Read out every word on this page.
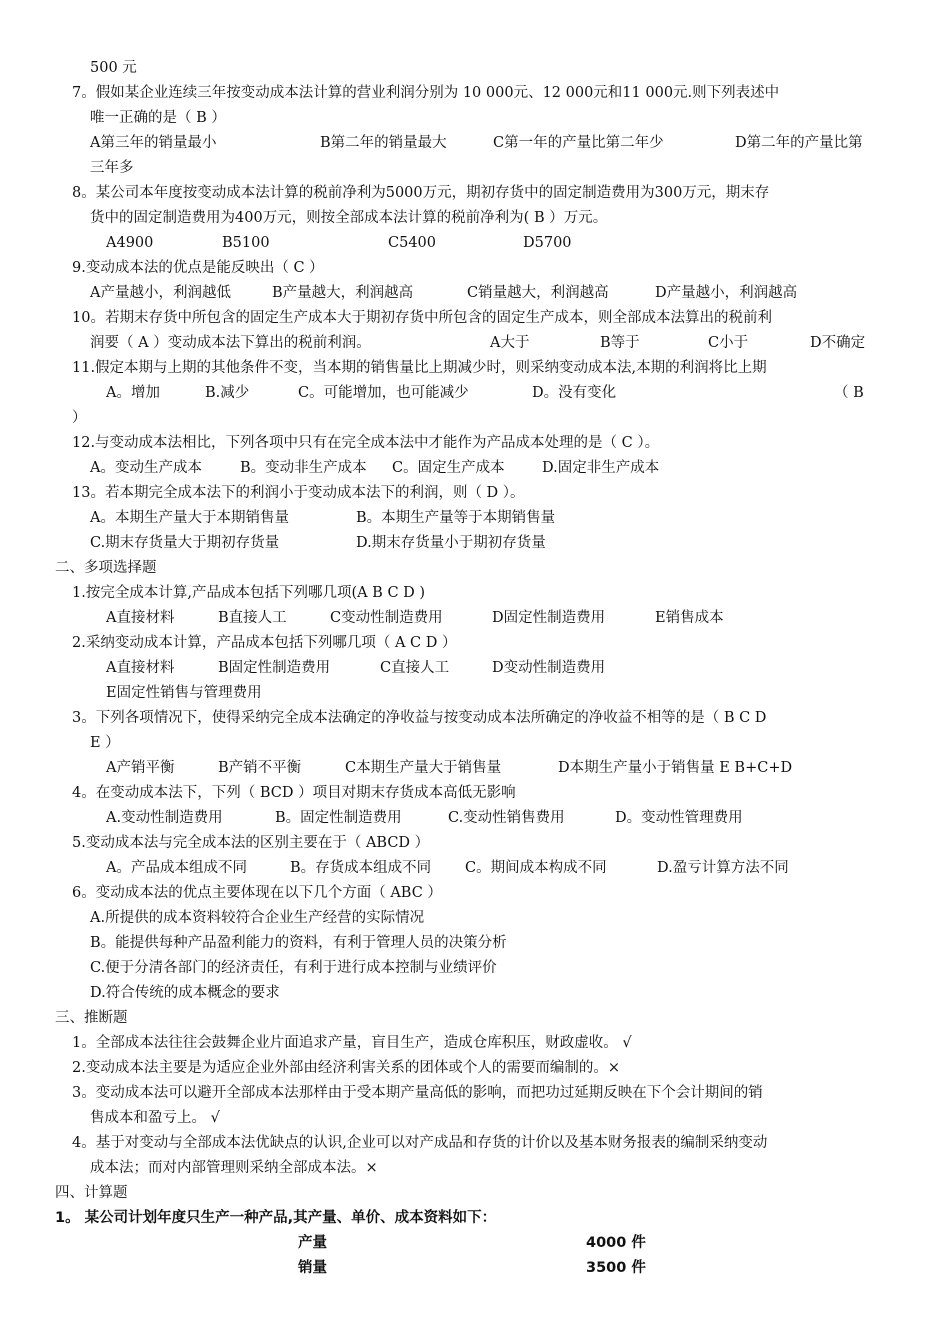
500 元
7。假如某企业连续三年按变动成本法计算的营业利润分别为 10 000元、12 000元和11 000元.则下列表述中
唯一正确的是（ B ）
A第三年的销量最小	B第二年的销量最大	C第一年的产量比第二年少	D第二年的产量比第
三年多
8。某公司本年度按变动成本法计算的税前净利为5000万元，期初存货中的固定制造费用为300万元，期末存
货中的固定制造费用为400万元，则按全部成本法计算的税前净利为( B ）万元。
A4900	B5100	C5400	D5700
9.变动成本法的优点是能反映出（ C ）
A产量越小，利润越低	B产量越大，利润越高	C销量越大，利润越高	D产量越小，利润越高
10。若期末存货中所包含的固定生产成本大于期初存货中所包含的固定生产成本，则全部成本法算出的税前利
润要（ A ）变动成本法下算出的税前利润。	A大于	B等于	C小于	D不确定
11.假定本期与上期的其他条件不变，当本期的销售量比上期减少时，则采纳变动成本法,本期的利润将比上期
A。增加	B.减少	C。可能增加，也可能减少	D。没有变化	（ B
）
12.与变动成本法相比，下列各项中只有在完全成本法中才能作为产品成本处理的是（ C ）。
A。变动生产成本	B。变动非生产成本 C。固定生产成本	D.固定非生产成本
13。若本期完全成本法下的利润小于变动成本法下的利润，则（ D ）。
A。本期生产量大于本期销售量	B。本期生产量等于本期销售量
C.期末存货量大于期初存货量	D.期末存货量小于期初存货量
二、多项选择题
1.按完全成本计算,产品成本包括下列哪几项(A B C D )
A直接材料	B直接人工	C变动性制造费用	D固定性制造费用	E销售成本
2.采纳变动成本计算，产品成本包括下列哪几项（ A C D ）
A直接材料	B固定性制造费用	C直接人工	D变动性制造费用
E固定性销售与管理费用
3。下列各项情况下，使得采纳完全成本法确定的净收益与按变动成本法所确定的净收益不相等的是（ B C D
E ）
A产销平衡	B产销不平衡	C本期生产量大于销售量	D本期生产量小于销售量 E B+C+D
4。在变动成本法下，下列（ BCD ）项目对期末存货成本高低无影响
A.变动性制造费用	B。固定性制造费用	C.变动性销售费用	D。变动性管理费用
5.变动成本法与完全成本法的区别主要在于（ ABCD ）
A。产品成本组成不同	B。存货成本组成不同 C。期间成本构成不同	D.盈亏计算方法不同
6。变动成本法的优点主要体现在以下几个方面（ ABC ）
A.所提供的成本资料较符合企业生产经营的实际情况
B。能提供每种产品盈利能力的资料，有利于管理人员的决策分析
C.便于分清各部门的经济责任，有利于进行成本控制与业绩评价
D.符合传统的成本概念的要求
三、推断题
1。全部成本法往往会鼓舞企业片面追求产量，盲目生产，造成仓库积压，财政虚收。 √
2.变动成本法主要是为适应企业外部由经济利害关系的团体或个人的需要而编制的。×
3。变动成本法可以避开全部成本法那样由于受本期产量高低的影响，而把功过延期反映在下个会计期间的销
售成本和盈亏上。 √
4。基于对变动与全部成本法优缺点的认识,企业可以对产成品和存货的计价以及基本财务报表的编制采纳变动
成本法；而对内部管理则采纳全部成本法。×
四、计算题
1。 某公司计划年度只生产一种产品,其产量、单价、成本资料如下：
产量	4000 件
销量	3500 件
